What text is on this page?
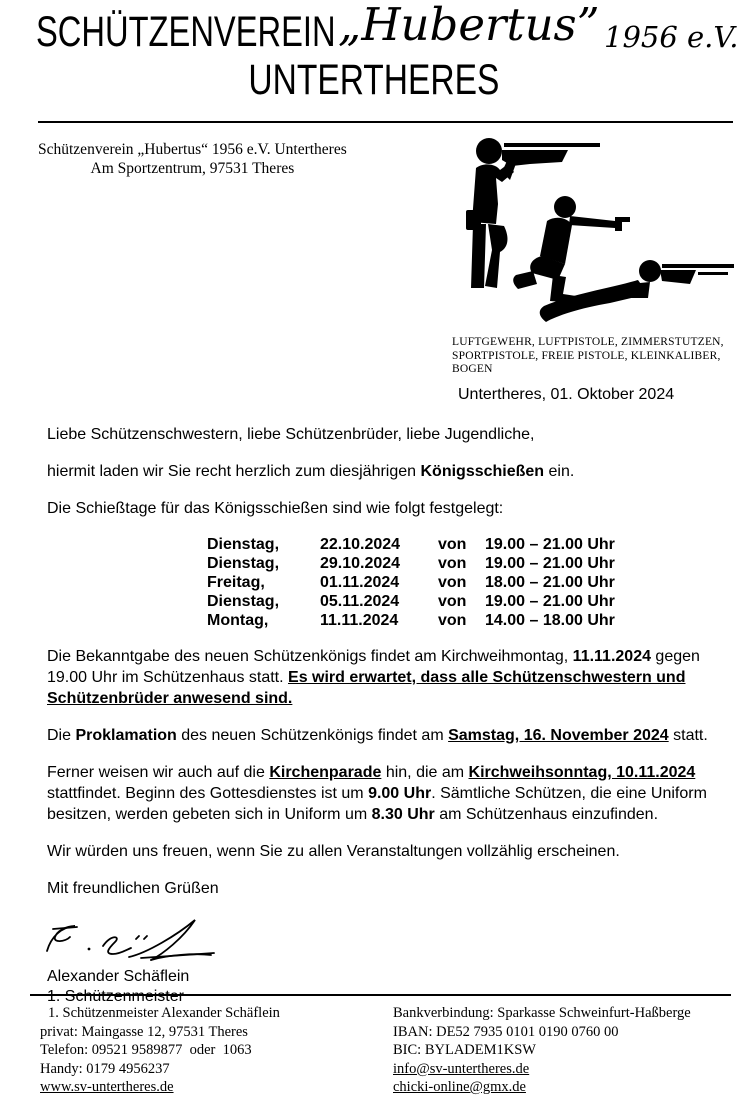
SCHÜTZENVEREIN „Hubertus” 1956 e.V.
UNTERTHERES
Schützenverein „Hubertus“ 1956 e.V. Untertheres
Am Sportzentrum, 97531 Theres
LUFTGEWEHR, LUFTPISTOLE, ZIMMERSTUTZEN,
SPORTPISTOLE, FREIE PISTOLE, KLEINKALIBER,
BOGEN
Untertheres, 01. Oktober 2024

Liebe Schützenschwestern, liebe Schützenbrüder, liebe Jugendliche,

hiermit laden wir Sie recht herzlich zum diesjährigen Königsschießen ein.

Die Schießtage für das Königsschießen sind wie folgt festgelegt:

Dienstag,	22.10.2024	von	19.00 – 21.00 Uhr
Dienstag,	29.10.2024	von	19.00 – 21.00 Uhr
Freitag,	01.11.2024	von	18.00 – 21.00 Uhr
Dienstag,	05.11.2024	von	19.00 – 21.00 Uhr
Montag,	11.11.2024	von	14.00 – 18.00 Uhr

Die Bekanntgabe des neuen Schützenkönigs findet am Kirchweihmontag, 11.11.2024 gegen 19.00 Uhr im Schützenhaus statt. Es wird erwartet, dass alle Schützenschwestern und Schützenbrüder anwesend sind.

Die Proklamation des neuen Schützenkönigs findet am Samstag, 16. November 2024 statt.

Ferner weisen wir auch auf die Kirchenparade hin, die am Kirchweihsonntag, 10.11.2024 stattfindet. Beginn des Gottesdienstes ist um 9.00 Uhr. Sämtliche Schützen, die eine Uniform besitzen, werden gebeten sich in Uniform um 8.30 Uhr am Schützenhaus einzufinden.

Wir würden uns freuen, wenn Sie zu allen Veranstaltungen vollzählig erscheinen.

Mit freundlichen Grüßen

Alexander Schäflein
1. Schützenmeister
1. Schützenmeister Alexander Schäflein
privat: Maingasse 12, 97531 Theres
Telefon: 09521 9589877  oder  1063
Handy: 0179 4956237
www.sv-untertheres.de
Bankverbindung: Sparkasse Schweinfurt-Haßberge
IBAN: DE52 7935 0101 0190 0760 00
BIC: BYLADEM1KSW
info@sv-untertheres.de
chicki-online@gmx.de
